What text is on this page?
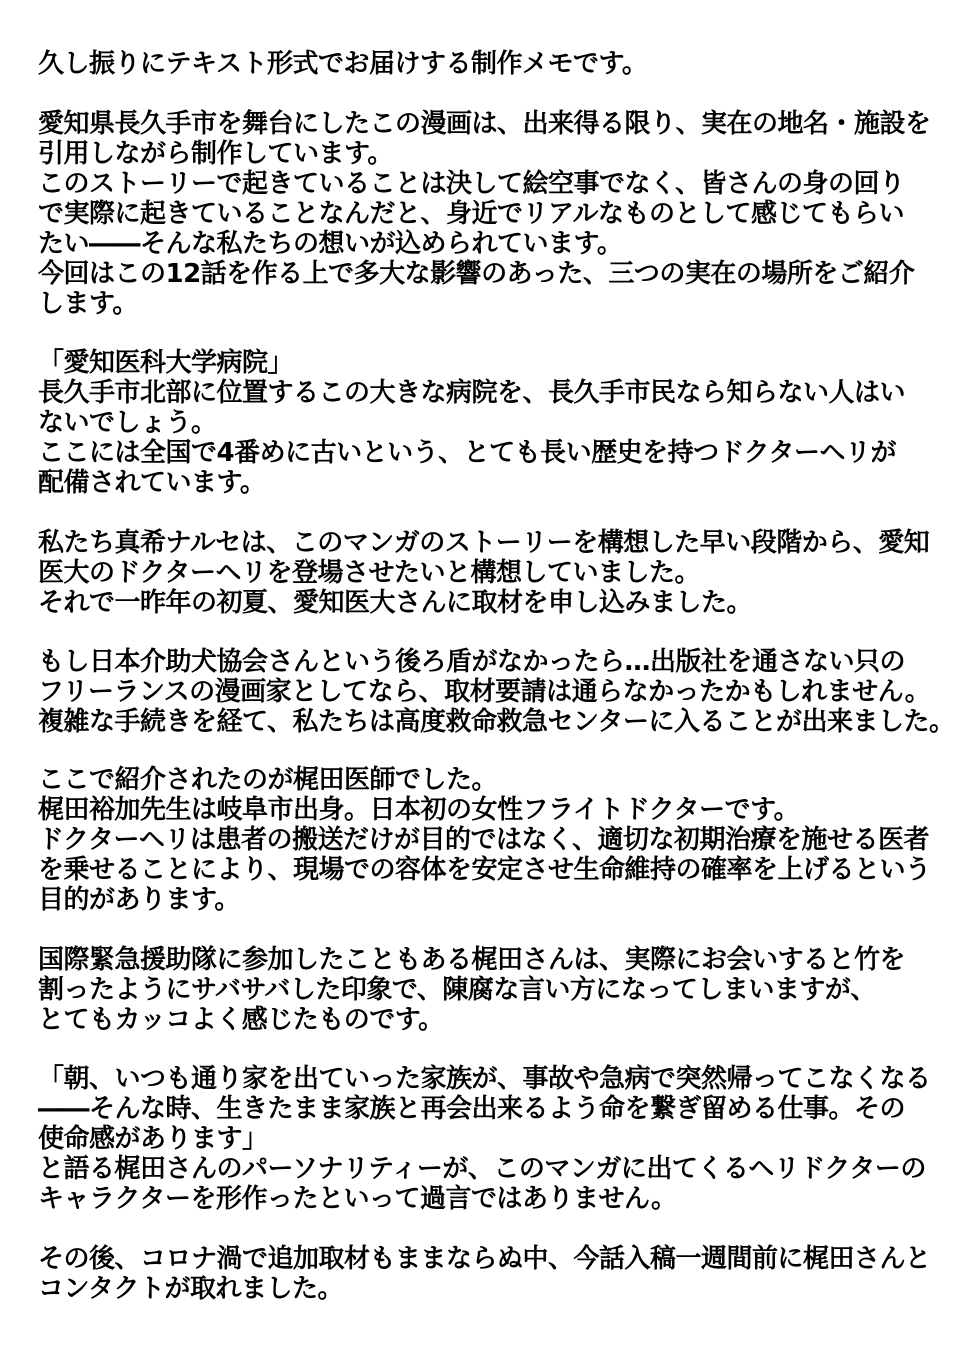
久し振りにテキスト形式でお届けする制作メモです。

愛知県長久手市を舞台にしたこの漫画は、出来得る限り、実在の地名・施設を

引用しながら制作しています。

このストーリーで起きていることは決して絵空事でなく、皆さんの身の回り

で実際に起きていることなんだと、身近でリアルなものとして感じてもらい

たい――そんな私たちの想いが込められています。

今回はこの12話を作る上で多大な影響のあった、三つの実在の場所をご紹介

します。

「愛知医科大学病院」

長久手市北部に位置するこの大きな病院を、長久手市民なら知らない人はい

ないでしょう。

ここには全国で4番めに古いという、とても長い歴史を持つドクターヘリが

配備されています。

私たち真希ナルセは、このマンガのストーリーを構想した早い段階から、愛知

医大のドクターヘリを登場させたいと構想していました。

それで一昨年の初夏、愛知医大さんに取材を申し込みました。

もし日本介助犬協会さんという後ろ盾がなかったら…出版社を通さない只の

フリーランスの漫画家としてなら、取材要請は通らなかったかもしれません。

複雑な手続きを経て、私たちは高度救命救急センターに入ることが出来ました。

ここで紹介されたのが梶田医師でした。

梶田裕加先生は岐阜市出身。日本初の女性フライトドクターです。

ドクターヘリは患者の搬送だけが目的ではなく、適切な初期治療を施せる医者

を乗せることにより、現場での容体を安定させ生命維持の確率を上げるという

目的があります。

国際緊急援助隊に参加したこともある梶田さんは、実際にお会いすると竹を

割ったようにサバサバした印象で、陳腐な言い方になってしまいますが、

とてもカッコよく感じたものです。

「朝、いつも通り家を出ていった家族が、事故や急病で突然帰ってこなくなる

――そんな時、生きたまま家族と再会出来るよう命を繋ぎ留める仕事。その

使命感があります」

と語る梶田さんのパーソナリティーが、このマンガに出てくるヘリドクターの

キャラクターを形作ったといって過言ではありません。

その後、コロナ渦で追加取材もままならぬ中、今話入稿一週間前に梶田さんと

コンタクトが取れました。
